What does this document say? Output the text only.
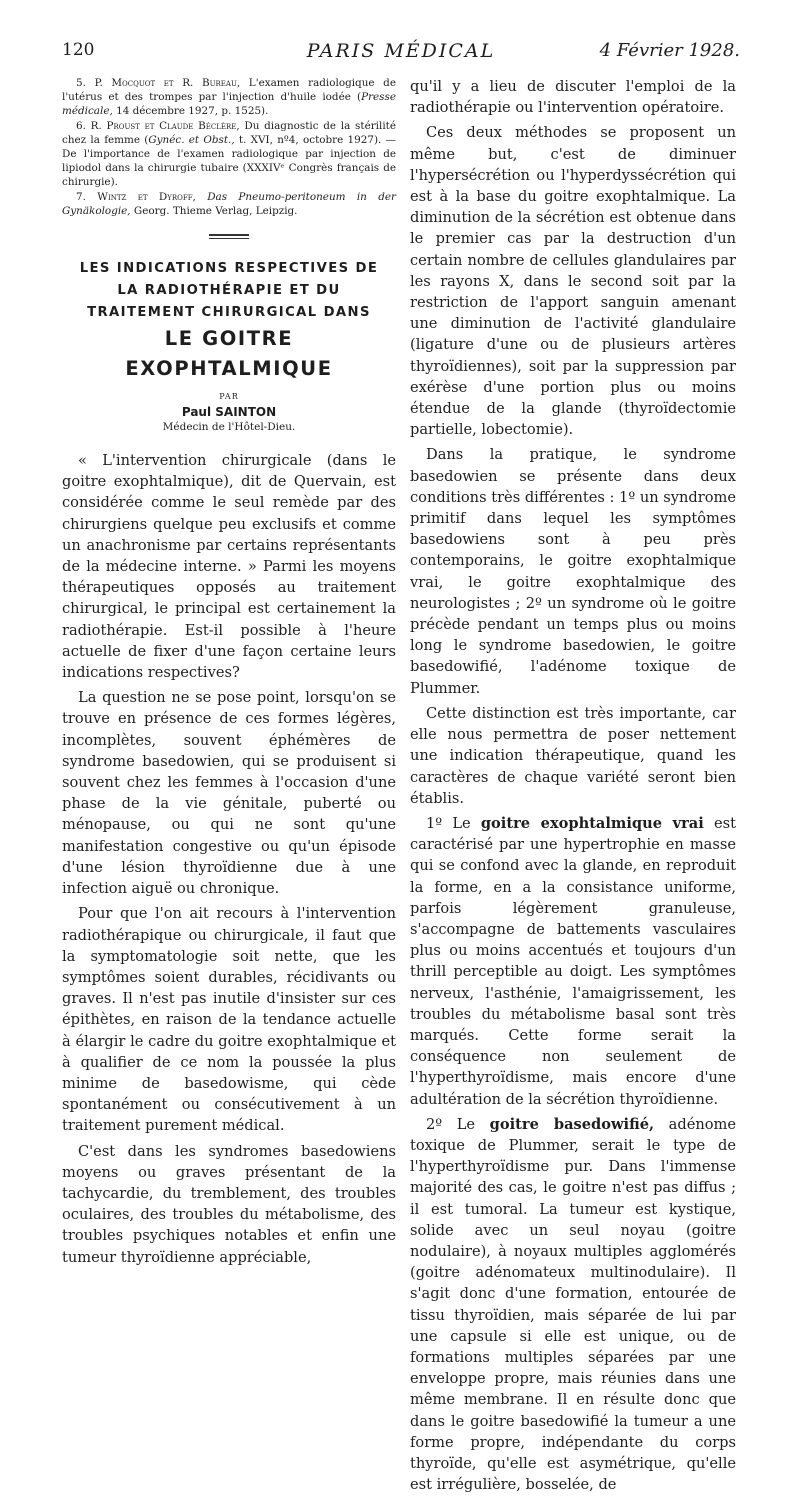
120	PARIS MÉDICAL	4 Février 1928.

5. P. Mocquot et R. Bureau, L'examen radiologique de l'utérus et des trompes par l'injection d'huile iodée (Presse médicale, 14 décembre 1927, p. 1525).

6. R. Proust et Claude Béclère, Du diagnostic de la stérilité chez la femme (Gynéc. et Obst., t. XVI, nº4, octobre 1927). — De l'importance de l'examen radiologique par injection de lipiodol dans la chirurgie tubaire (XXXIVᵉ Congrès français de chirurgie).

7. Wintz et Dyroff, Das Pneumo-peritoneum in der Gynäkologie, Georg. Thieme Verlag, Leipzig.

LES INDICATIONS RESPECTIVES DE
LA RADIOTHÉRAPIE ET DU
TRAITEMENT CHIRURGICAL DANS
LE GOITRE EXOPHTALMIQUE
PAR
Paul SAINTON
Médecin de l'Hôtel-Dieu.

« L'intervention chirurgicale (dans le goitre exophtalmique), dit de Quervain, est considérée comme le seul remède par des chirurgiens quelque peu exclusifs et comme un anachronisme par certains représentants de la médecine interne. » Parmi les moyens thérapeutiques opposés au traitement chirurgical, le principal est certainement la radiothérapie. Est-il possible à l'heure actuelle de fixer d'une façon certaine leurs indications respectives?

La question ne se pose point, lorsqu'on se trouve en présence de ces formes légères, incomplètes, souvent éphémères de syndrome basedowien, qui se produisent si souvent chez les femmes à l'occasion d'une phase de la vie génitale, puberté ou ménopause, ou qui ne sont qu'une manifestation congestive ou qu'un épisode d'une lésion thyroïdienne due à une infection aiguë ou chronique.

Pour que l'on ait recours à l'intervention radiothérapique ou chirurgicale, il faut que la symptomatologie soit nette, que les symptômes soient durables, récidivants ou graves. Il n'est pas inutile d'insister sur ces épithètes, en raison de la tendance actuelle à élargir le cadre du goitre exophtalmique et à qualifier de ce nom la poussée la plus minime de basedowisme, qui cède spontanément ou consécutivement à un traitement purement médical.

C'est dans les syndromes basedowiens moyens ou graves présentant de la tachycardie, du tremblement, des troubles oculaires, des troubles du métabolisme, des troubles psychiques notables et enfin une tumeur thyroïdienne appréciable,

qu'il y a lieu de discuter l'emploi de la radiothérapie ou l'intervention opératoire.

Ces deux méthodes se proposent un même but, c'est de diminuer l'hypersécrétion ou l'hyperdyssécrétion qui est à la base du goitre exophtalmique. La diminution de la sécrétion est obtenue dans le premier cas par la destruction d'un certain nombre de cellules glandulaires par les rayons X, dans le second soit par la restriction de l'apport sanguin amenant une diminution de l'activité glandulaire (ligature d'une ou de plusieurs artères thyroïdiennes), soit par la suppression par exérèse d'une portion plus ou moins étendue de la glande (thyroïdectomie partielle, lobectomie).

Dans la pratique, le syndrome basedowien se présente dans deux conditions très différentes : 1º un syndrome primitif dans lequel les symptômes basedowiens sont à peu près contemporains, le goitre exophtalmique vrai, le goitre exophtalmique des neurologistes ; 2º un syndrome où le goitre précède pendant un temps plus ou moins long le syndrome basedowien, le goitre basedowifié, l'adénome toxique de Plummer.

Cette distinction est très importante, car elle nous permettra de poser nettement une indication thérapeutique, quand les caractères de chaque variété seront bien établis.

1º Le goitre exophtalmique vrai est caractérisé par une hypertrophie en masse qui se confond avec la glande, en reproduit la forme, en a la consistance uniforme, parfois légèrement granuleuse, s'accompagne de battements vasculaires plus ou moins accentués et toujours d'un thrill perceptible au doigt. Les symptômes nerveux, l'asthénie, l'amaigrissement, les troubles du métabolisme basal sont très marqués. Cette forme serait la conséquence non seulement de l'hyperthyroïdisme, mais encore d'une adultération de la sécrétion thyroïdienne.

2º Le goitre basedowifié, adénome toxique de Plummer, serait le type de l'hyperthyroïdisme pur. Dans l'immense majorité des cas, le goitre n'est pas diffus ; il est tumoral. La tumeur est kystique, solide avec un seul noyau (goitre nodulaire), à noyaux multiples agglomérés (goitre adénomateux multinodulaire). Il s'agit donc d'une formation, entourée de tissu thyroïdien, mais séparée de lui par une capsule si elle est unique, ou de formations multiples séparées par une enveloppe propre, mais réunies dans une même membrane. Il en résulte donc que dans le goitre basedowifié la tumeur a une forme propre, indépendante du corps thyroïde, qu'elle est asymétrique, qu'elle est irrégulière, bosselée, de
